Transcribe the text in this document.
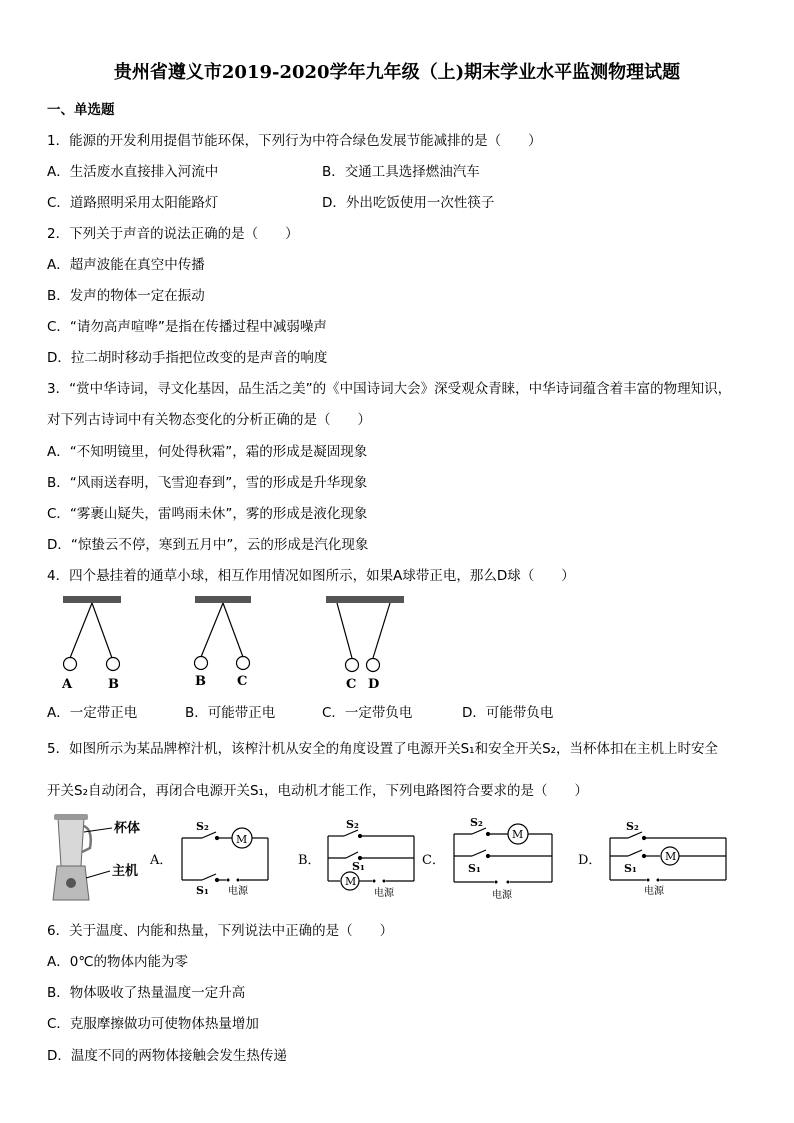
贵州省遵义市2019-2020学年九年级（上)期末学业水平监测物理试题
一、单选题
1．能源的开发利用提倡节能环保，下列行为中符合绿色发展节能减排的是（　　）
A．生活废水直接排入河流中	B．交通工具选择燃油汽车
C．道路照明采用太阳能路灯	D．外出吃饭使用一次性筷子
2．下列关于声音的说法正确的是（　　）
A．超声波能在真空中传播
B．发声的物体一定在振动
C．“请勿高声喧哗”是指在传播过程中减弱噪声
D．拉二胡时移动手指把位改变的是声音的响度
3．“赏中华诗词，寻文化基因，品生活之美”的《中国诗词大会》深受观众青睐，中华诗词蕴含着丰富的物理知识，
对下列古诗词中有关物态变化的分析正确的是（　　）
A．“不知明镜里，何处得秋霜”，霜的形成是凝固现象
B．“风雨送春明，飞雪迎春到”，雪的形成是升华现象
C．“雾裹山疑失，雷鸣雨未休”，雾的形成是液化现象
D．“惊蛰云不停，寒到五月中”，云的形成是汽化现象
4．四个悬挂着的通草小球，相互作用情况如图所示，如果A球带正电，那么D球（　　）
A	B	B C	C D
A．一定带正电	B．可能带正电	C．一定带负电	D．可能带负电
5．如图所示为某品牌榨汁机，该榨汁机从安全的角度设置了电源开关S₁和安全开关S₂，当杯体扣在主机上时安全
开关S₂自动闭合，再闭合电源开关S₁，电动机才能工作，下列电路图符合要求的是（　　）
杯体
主机
A．
M
S₂
S₁ 电源
B．
M
S₂
S₁
电源
C．
M
S₂
S₁
电源
D．	M
S₂
S₁
电源
6．关于温度、内能和热量，下列说法中正确的是（　　）
A．0℃的物体内能为零
B．物体吸收了热量温度一定升高
C．克服摩擦做功可使物体热量增加
D．温度不同的两物体接触会发生热传递
